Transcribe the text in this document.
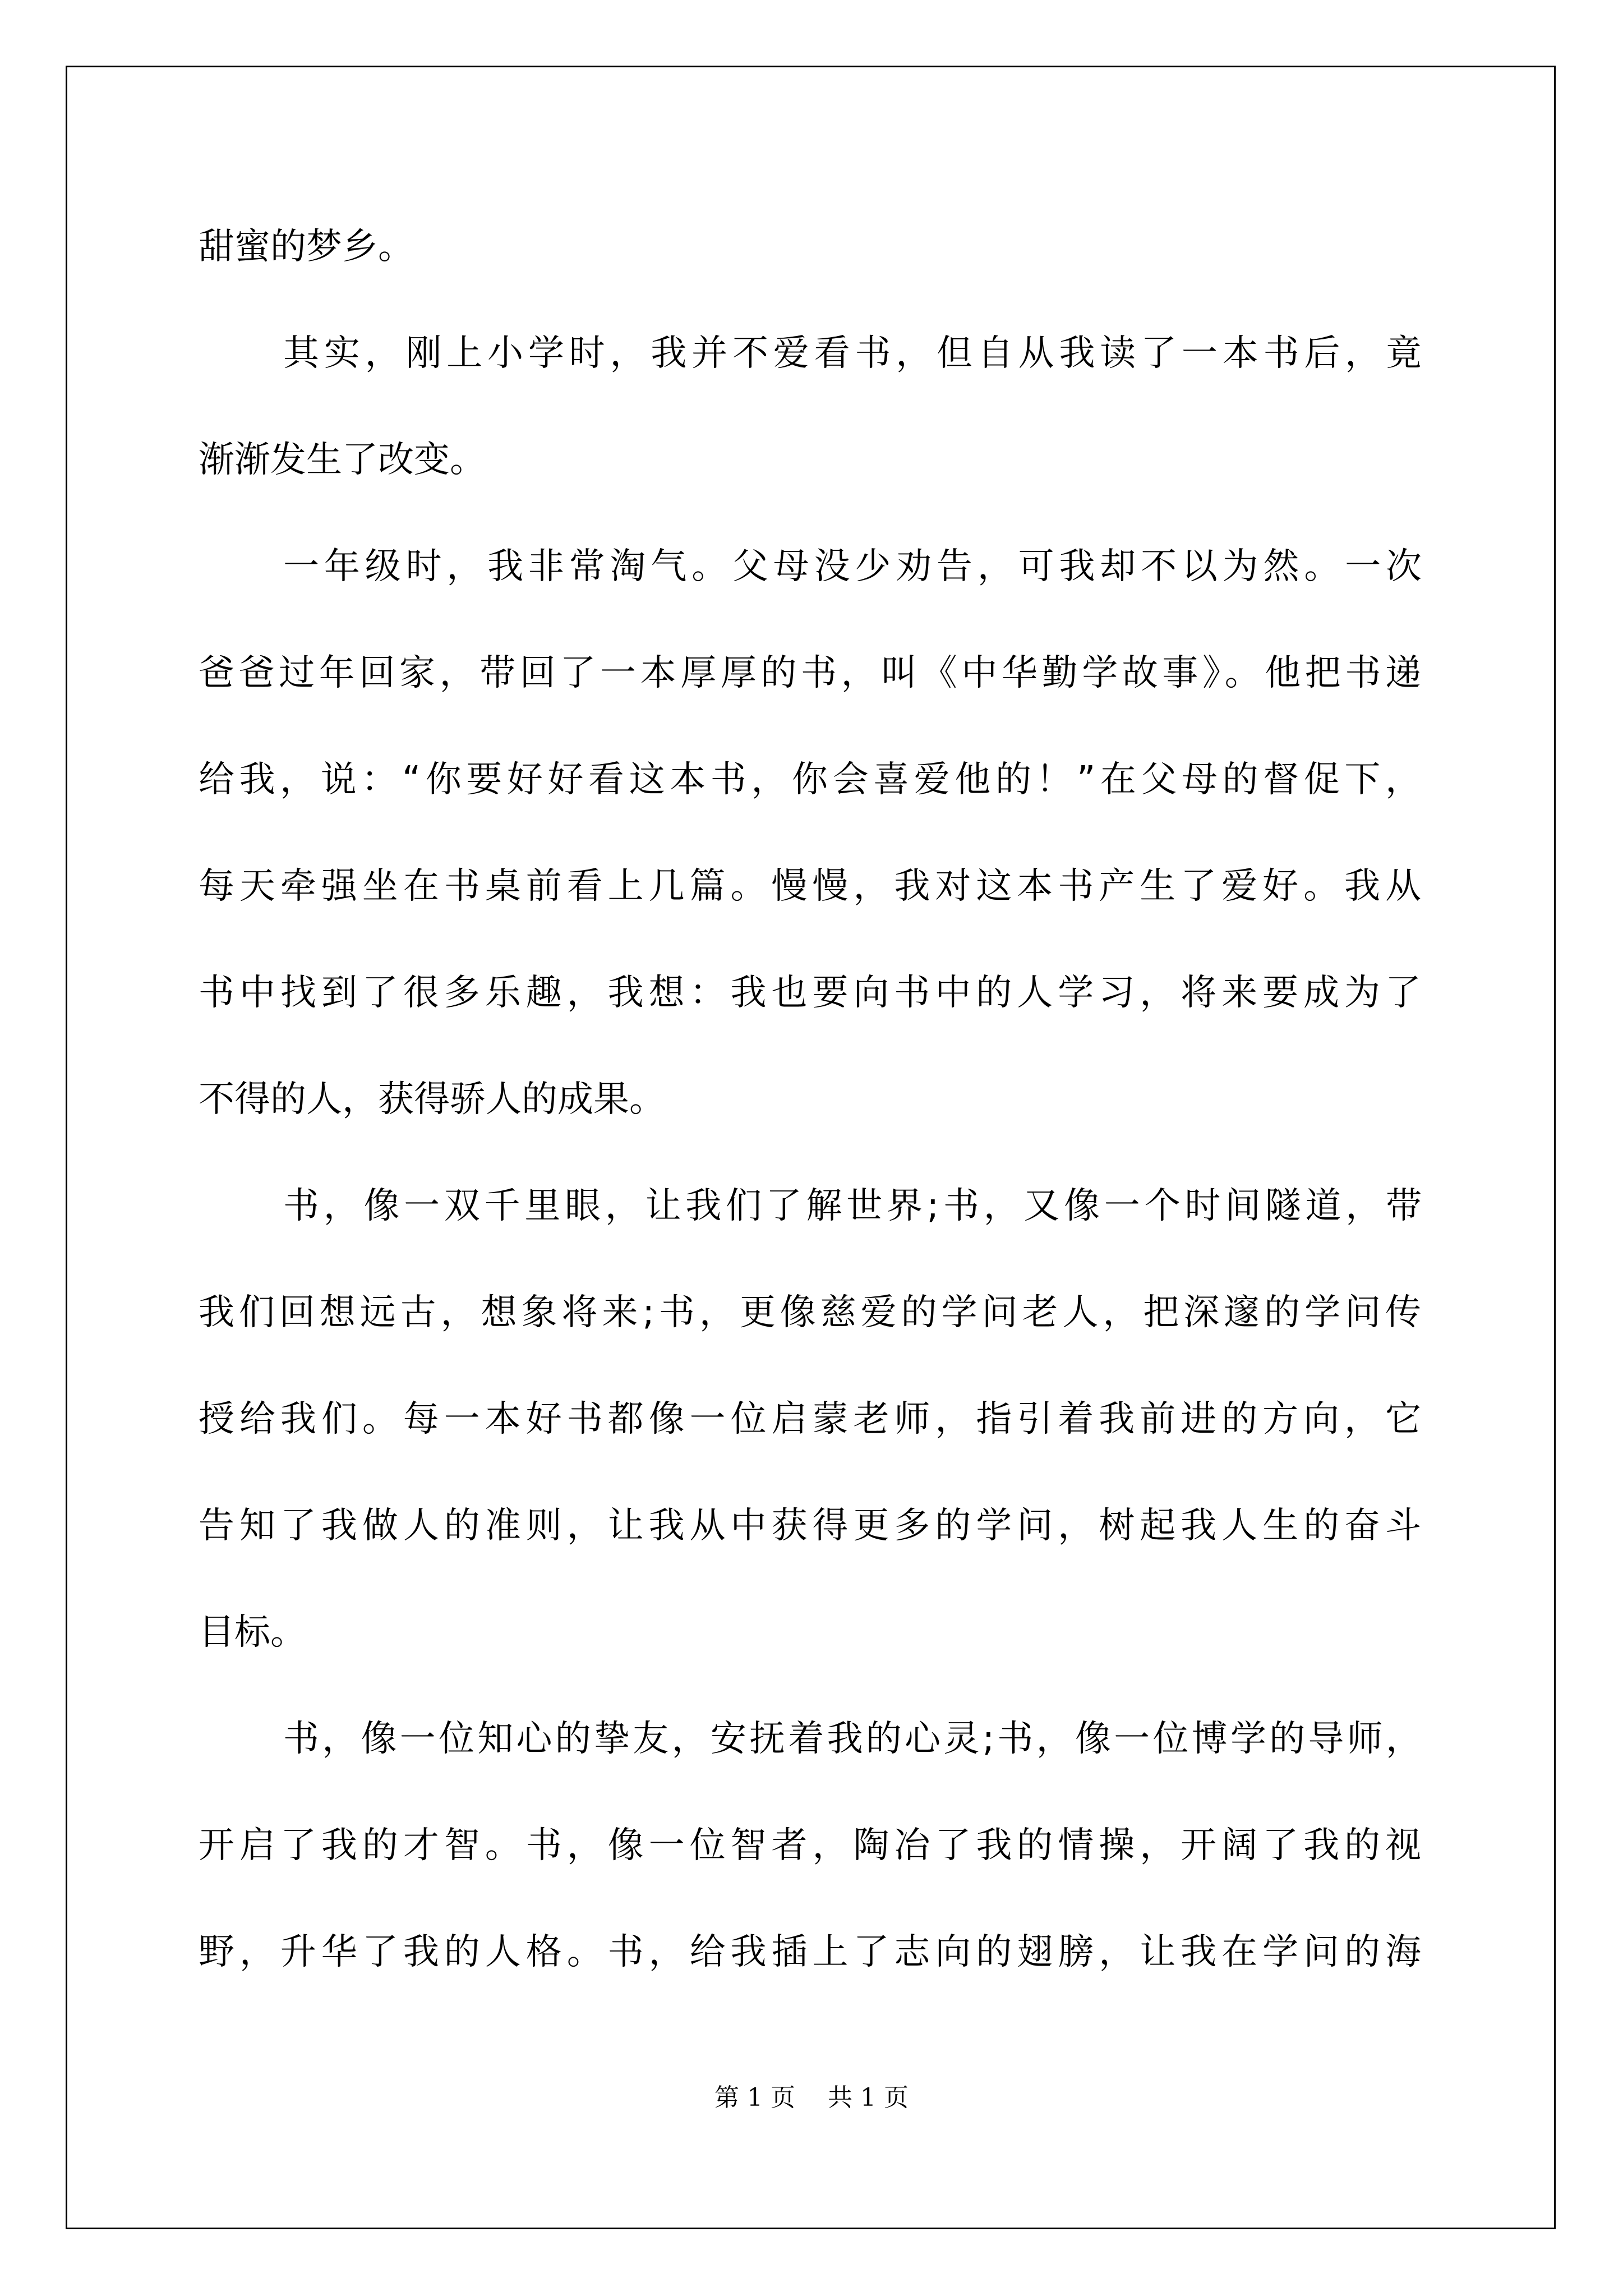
甜蜜的梦乡。
其实，刚上小学时，我并不爱看书，但自从我读了一本书后，竟
渐渐发生了改变。
一年级时，我非常淘气。父母没少劝告，可我却不以为然。一次
爸爸过年回家，带回了一本厚厚的书，叫《中华勤学故事》。他把书递
给我，说：“你要好好看这本书，你会喜爱他的！”在父母的督促下，
每天牵强坐在书桌前看上几篇。慢慢，我对这本书产生了爱好。我从
书中找到了很多乐趣，我想：我也要向书中的人学习，将来要成为了
不得的人，获得骄人的成果。
书，像一双千里眼，让我们了解世界;书，又像一个时间隧道，带
我们回想远古，想象将来;书，更像慈爱的学问老人，把深邃的学问传
授给我们。每一本好书都像一位启蒙老师，指引着我前进的方向，它
告知了我做人的准则，让我从中获得更多的学问，树起我人生的奋斗
目标。
书，像一位知心的挚友，安抚着我的心灵;书，像一位博学的导师，
开启了我的才智。书，像一位智者，陶冶了我的情操，开阔了我的视
野，升华了我的人格。书，给我插上了志向的翅膀，让我在学问的海
第 1 页　 共 1 页
